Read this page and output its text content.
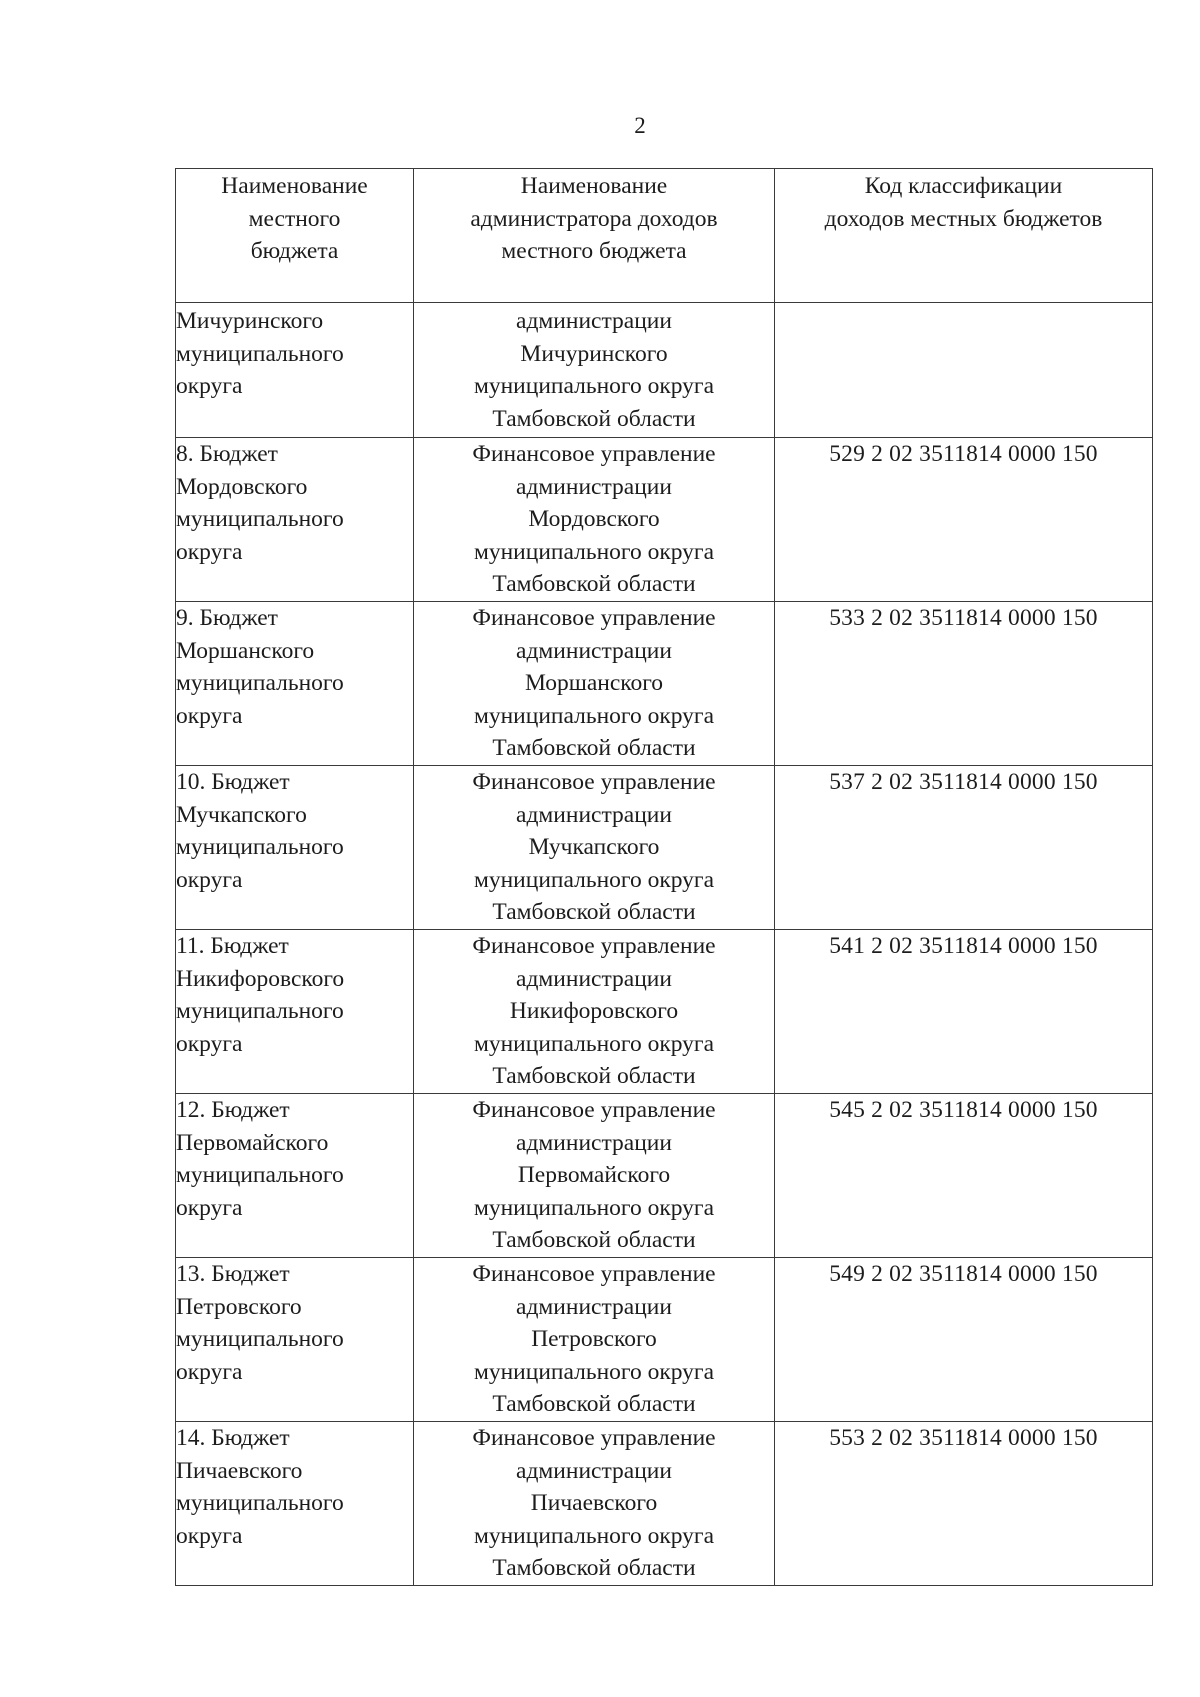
2
Наименование
местного
бюджета	Наименование
администратора доходов
местного бюджета	Код классификации
доходов местных бюджетов

Мичуринского
муниципального
округа	администрации
Мичуринского
муниципального округа
Тамбовской области	

8. Бюджет
Мордовского
муниципального
округа	Финансовое управление
администрации
Мордовского
муниципального округа
Тамбовской области	529 2 02 3511814 0000 150

9. Бюджет
Моршанского
муниципального
округа	Финансовое управление
администрации
Моршанского
муниципального округа
Тамбовской области	533 2 02 3511814 0000 150

10. Бюджет
Мучкапского
муниципального
округа	Финансовое управление
администрации
Мучкапского
муниципального округа
Тамбовской области	537 2 02 3511814 0000 150

11. Бюджет
Никифоровского
муниципального
округа	Финансовое управление
администрации
Никифоровского
муниципального округа
Тамбовской области	541 2 02 3511814 0000 150

12. Бюджет
Первомайского
муниципального
округа	Финансовое управление
администрации
Первомайского
муниципального округа
Тамбовской области	545 2 02 3511814 0000 150

13. Бюджет
Петровского
муниципального
округа	Финансовое управление
администрации
Петровского
муниципального округа
Тамбовской области	549 2 02 3511814 0000 150

14. Бюджет
Пичаевского
муниципального
округа	Финансовое управление
администрации
Пичаевского
муниципального округа
Тамбовской области	553 2 02 3511814 0000 150
